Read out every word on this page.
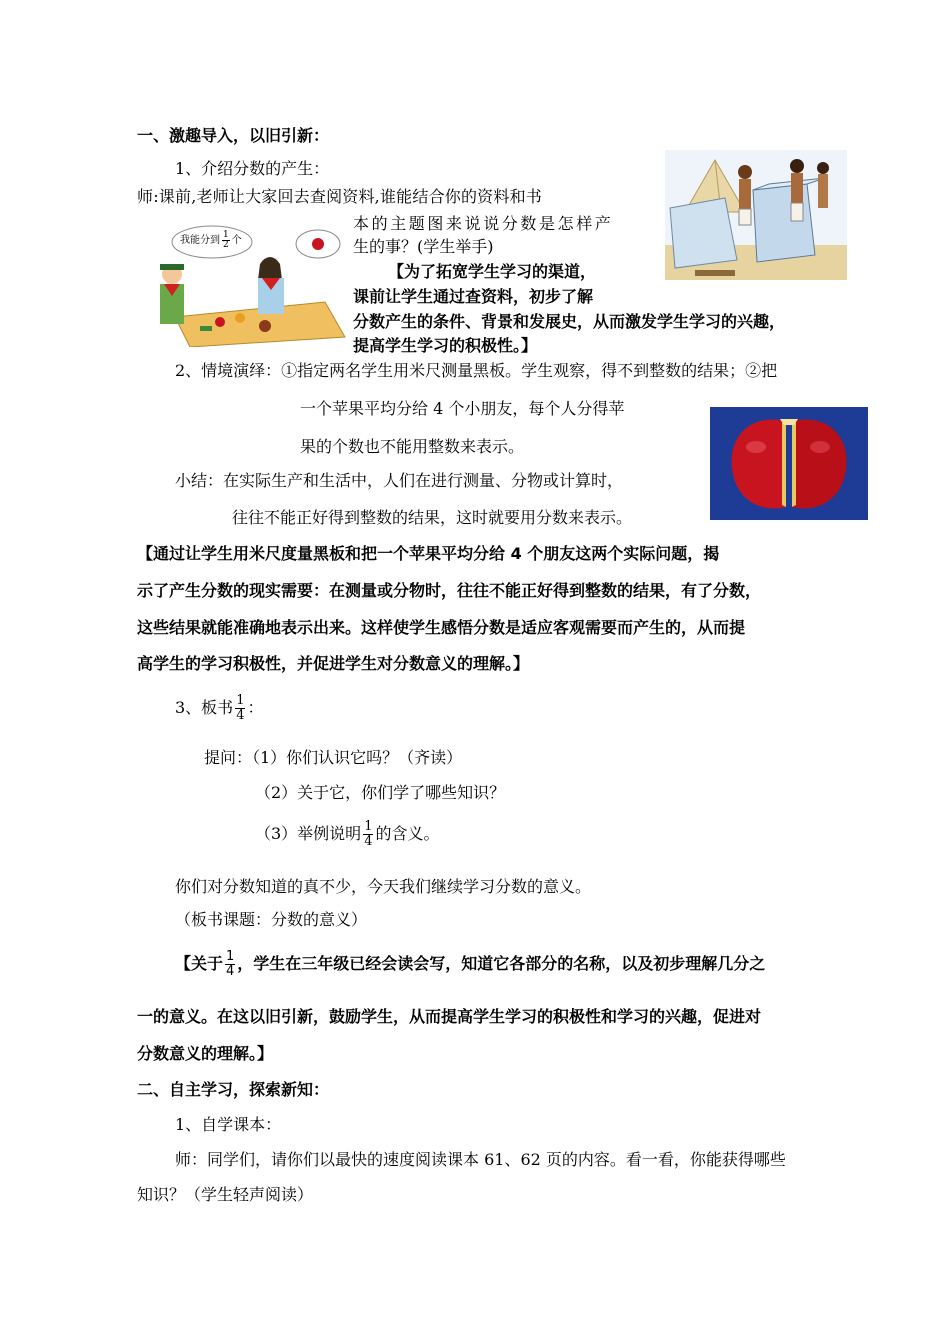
一、激趣导入，以旧引新：
1、介绍分数的产生：
师:课前,老师让大家回去查阅资料,谁能结合你的资料和书
本的主题图来说说分数是怎样产
生的事？(学生举手)
【为了拓宽学生学习的渠道，
课前让学生通过查资料，初步了解
分数产生的条件、背景和发展史，从而激发学生学习的兴趣，
提高学生学习的积极性。】
我能分到 $\frac{1}{2}$ 个
2、情境演绎：①指定两名学生用米尺测量黑板。学生观察，得不到整数的结果；②把
一个苹果平均分给 4 个小朋友，每个人分得苹
果的个数也不能用整数来表示。
小结：在实际生产和生活中，人们在进行测量、分物或计算时，
往往不能正好得到整数的结果，这时就要用分数来表示。
【通过让学生用米尺度量黑板和把一个苹果平均分给 4 个朋友这两个实际问题，揭
示了产生分数的现实需要：在测量或分物时，往往不能正好得到整数的结果，有了分数，
这些结果就能准确地表示出来。这样使学生感悟分数是适应客观需要而产生的，从而提
高学生的学习积极性，并促进学生对分数意义的理解。】
3、板书 $\frac{1}{4}$ ：
提问：（1）你们认识它吗？（齐读）
（2）关于它，你们学了哪些知识？
（3）举例说明 $\frac{1}{4}$ 的含义。
你们对分数知道的真不少，今天我们继续学习分数的意义。
（板书课题：分数的意义）
【关于 $\frac{1}{4}$ ，学生在三年级已经会读会写，知道它各部分的名称，以及初步理解几分之
一的意义。在这以旧引新，鼓励学生，从而提高学生学习的积极性和学习的兴趣，促进对
分数意义的理解。】
二、自主学习，探索新知：
1、自学课本：
师：同学们，请你们以最快的速度阅读课本 61、62 页的内容。看一看，你能获得哪些
知识？（学生轻声阅读）
